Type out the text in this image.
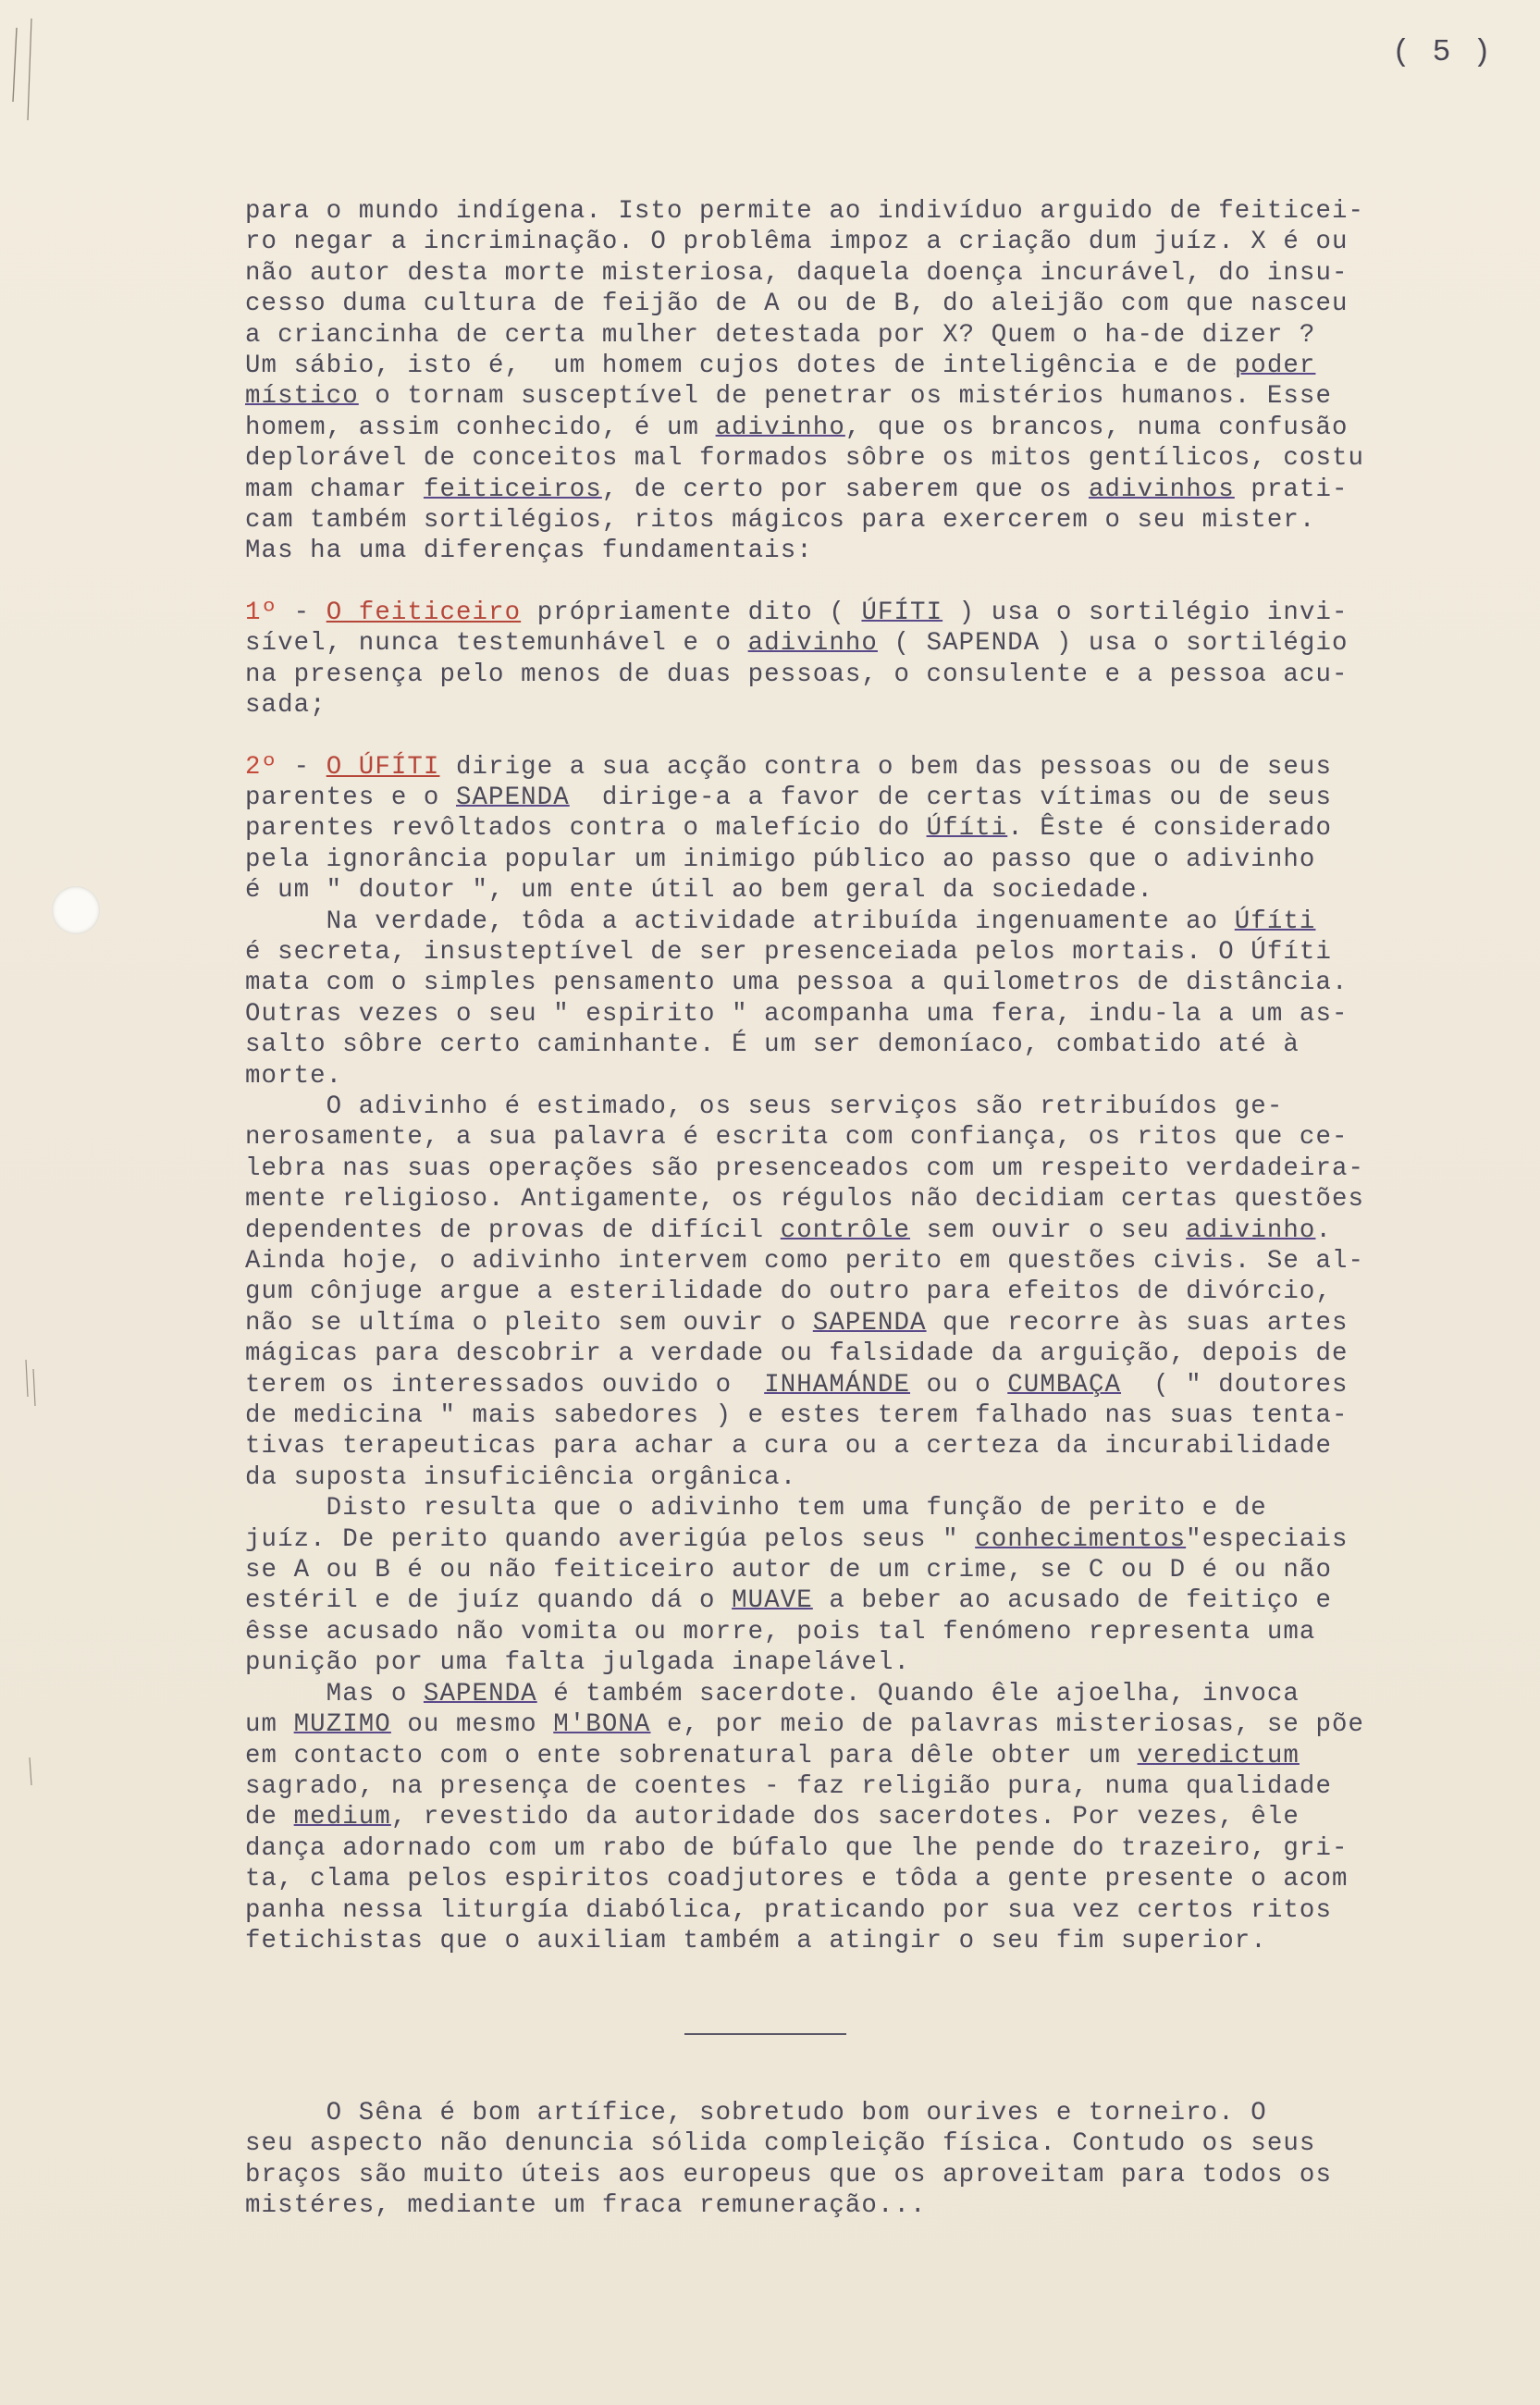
( 5 )

para o mundo indígena. Isto permite ao indivíduo arguido de feiticei-
ro negar a incriminação. O problêma impoz a criação dum juíz. X é ou
não autor desta morte misteriosa, daquela doença incurável, do insu-
cesso duma cultura de feijão de A ou de B, do aleijão com que nasceu
a criancinha de certa mulher detestada por X? Quem o ha-de dizer ?
Um sábio, isto é,  um homem cujos dotes de inteligência e de poder
místico o tornam susceptível de penetrar os mistérios humanos. Esse
homem, assim conhecido, é um adivinho, que os brancos, numa confusão
deplorável de conceitos mal formados sôbre os mitos gentílicos, costu
mam chamar feiticeiros, de certo por saberem que os adivinhos prati-
cam também sortilégios, ritos mágicos para exercerem o seu mister.
Mas ha uma diferenças fundamentais:

1º - O feiticeiro própriamente dito ( ÚFÍTI ) usa o sortilégio invi-
sível, nunca testemunhável e o adivinho ( SAPENDA ) usa o sortilégio
na presença pelo menos de duas pessoas, o consulente e a pessoa acu-
sada;

2º - O ÚFÍTI dirige a sua acção contra o bem das pessoas ou de seus
parentes e o SAPENDA  dirige-a a favor de certas vítimas ou de seus
parentes revôltados contra o malefício do Úfíti. Êste é considerado
pela ignorância popular um inimigo público ao passo que o adivinho
é um " doutor ", um ente útil ao bem geral da sociedade.
Na verdade, tôda a actividade atribuída ingenuamente ao Úfíti
é secreta, insusteptível de ser presenceiada pelos mortais. O Úfíti
mata com o simples pensamento uma pessoa a quilometros de distância.
Outras vezes o seu " espirito " acompanha uma fera, indu-la a um as-
salto sôbre certo caminhante. É um ser demoníaco, combatido até à
morte.
O adivinho é estimado, os seus serviços são retribuídos ge-
nerosamente, a sua palavra é escrita com confiança, os ritos que ce-
lebra nas suas operações são presenceados com um respeito verdadeira-
mente religioso. Antigamente, os régulos não decidiam certas questões
dependentes de provas de difícil contrôle sem ouvir o seu adivinho.
Ainda hoje, o adivinho intervem como perito em questões civis. Se al-
gum cônjuge argue a esterilidade do outro para efeitos de divórcio,
não se ultíma o pleito sem ouvir o SAPENDA que recorre às suas artes
mágicas para descobrir a verdade ou falsidade da arguição, depois de
terem os interessados ouvido o  INHAMÁNDE ou o CUMBAÇA  ( " doutores
de medicina " mais sabedores ) e estes terem falhado nas suas tenta-
tivas terapeuticas para achar a cura ou a certeza da incurabilidade
da suposta insuficiência orgânica.
Disto resulta que o adivinho tem uma função de perito e de
juíz. De perito quando averigúa pelos seus " conhecimentos"especiais
se A ou B é ou não feiticeiro autor de um crime, se C ou D é ou não
estéril e de juíz quando dá o MUAVE a beber ao acusado de feitiço e
êsse acusado não vomita ou morre, pois tal fenómeno representa uma
punição por uma falta julgada inapelável.
Mas o SAPENDA é também sacerdote. Quando êle ajoelha, invoca
um MUZIMO ou mesmo M'BONA e, por meio de palavras misteriosas, se põe
em contacto com o ente sobrenatural para dêle obter um veredictum
sagrado, na presença de coentes - faz religião pura, numa qualidade
de medium, revestido da autoridade dos sacerdotes. Por vezes, êle
dança adornado com um rabo de búfalo que lhe pende do trazeiro, gri-
ta, clama pelos espiritos coadjutores e tôda a gente presente o acom
panha nessa liturgía diabólica, praticando por sua vez certos ritos
fetichistas que o auxiliam também a atingir o seu fim superior.

O Sêna é bom artífice, sobretudo bom ourives e torneiro. O
seu aspecto não denuncia sólida compleição física. Contudo os seus
braços são muito úteis aos europeus que os aproveitam para todos os
mistéres, mediante um fraca remuneração...
